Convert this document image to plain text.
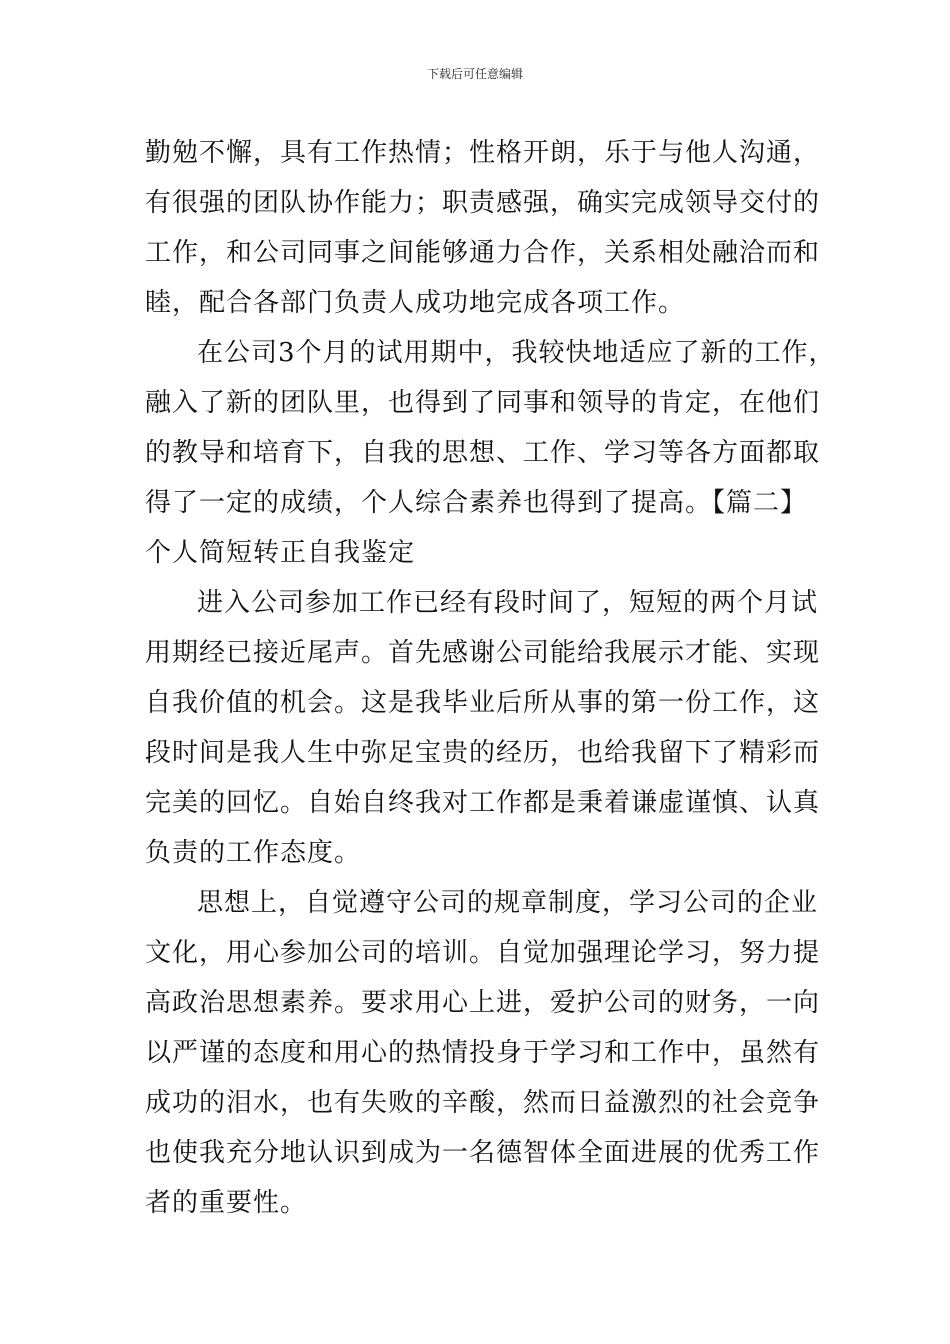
下载后可任意编辑

勤勉不懈，具有工作热情；性格开朗，乐于与他人沟通，
有很强的团队协作能力；职责感强，确实完成领导交付的
工作，和公司同事之间能够通力合作，关系相处融洽而和
睦，配合各部门负责人成功地完成各项工作。

在公司3个月的试用期中，我较快地适应了新的工作，
融入了新的团队里，也得到了同事和领导的肯定，在他们
的教导和培育下，自我的思想、工作、学习等各方面都取
得了一定的成绩，个人综合素养也得到了提高。【篇二】
个人简短转正自我鉴定

进入公司参加工作已经有段时间了，短短的两个月试
用期经已接近尾声。首先感谢公司能给我展示才能、实现
自我价值的机会。这是我毕业后所从事的第一份工作，这
段时间是我人生中弥足宝贵的经历，也给我留下了精彩而
完美的回忆。自始自终我对工作都是秉着谦虚谨慎、认真
负责的工作态度。

思想上，自觉遵守公司的规章制度，学习公司的企业
文化，用心参加公司的培训。自觉加强理论学习，努力提
高政治思想素养。要求用心上进，爱护公司的财务，一向
以严谨的态度和用心的热情投身于学习和工作中，虽然有
成功的泪水，也有失败的辛酸，然而日益激烈的社会竞争
也使我充分地认识到成为一名德智体全面进展的优秀工作
者的重要性。
